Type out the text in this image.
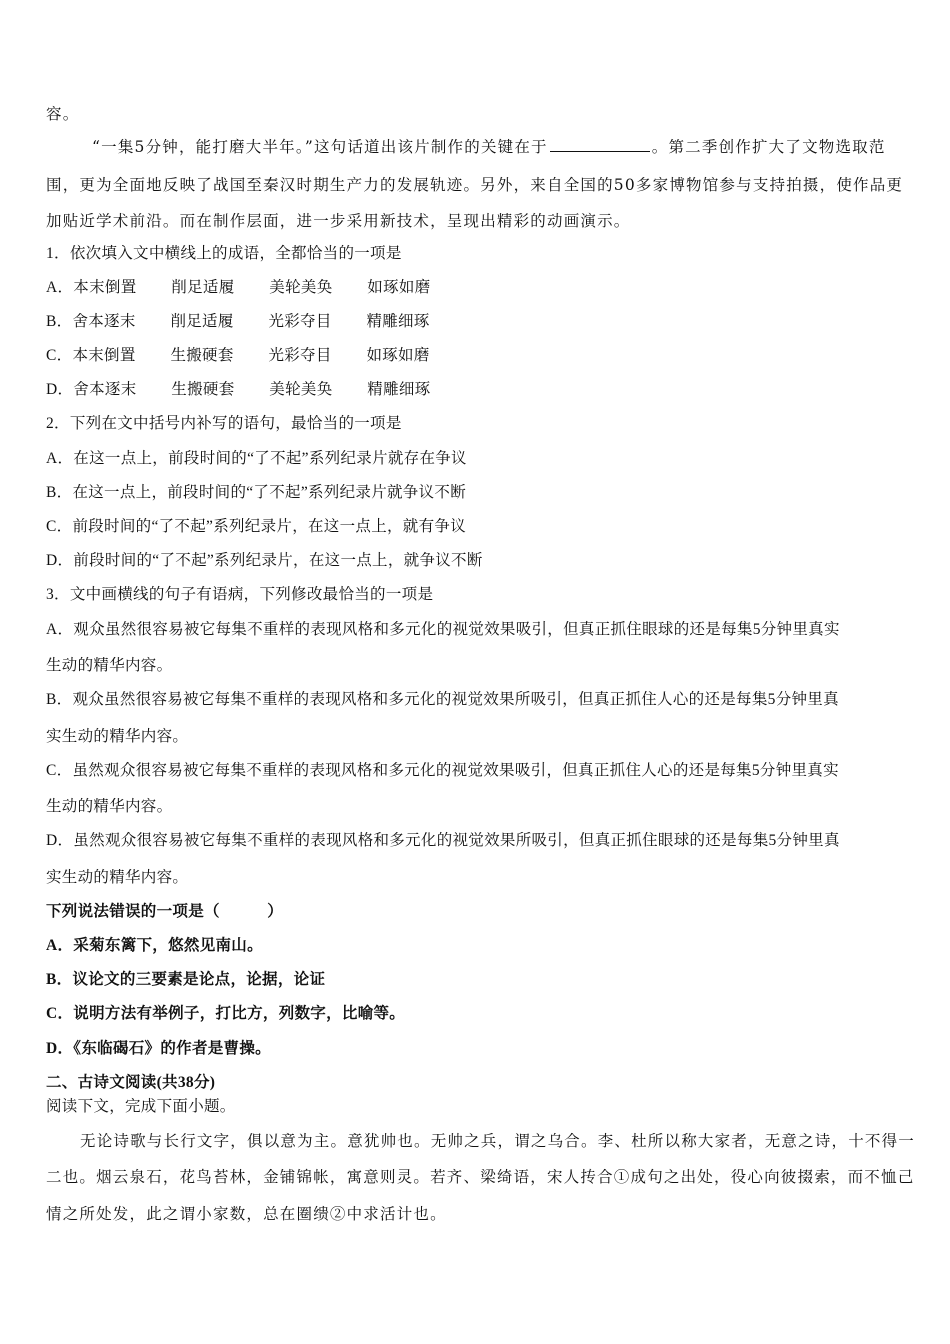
容。
“一集5分钟，能打磨大半年。”这句话道出该片制作的关键在于	。第二季创作扩大了文物选取范
围，更为全面地反映了战国至秦汉时期生产力的发展轨迹。另外，来自全国的50多家博物馆参与支持拍摄，使作品更
加贴近学术前沿。而在制作层面，进一步采用新技术，呈现出精彩的动画演示。
1．依次填入文中横线上的成语，全都恰当的一项是
A．本末倒置 削足适履 美轮美奂 如琢如磨
B．舍本逐末 削足适履 光彩夺目 精雕细琢
C．本末倒置 生搬硬套 光彩夺目 如琢如磨
D．舍本逐末 生搬硬套 美轮美奂 精雕细琢
2．下列在文中括号内补写的语句，最恰当的一项是
A．在这一点上，前段时间的“了不起”系列纪录片就存在争议
B．在这一点上，前段时间的“了不起”系列纪录片就争议不断
C．前段时间的“了不起”系列纪录片，在这一点上，就有争议
D．前段时间的“了不起”系列纪录片，在这一点上，就争议不断
3．文中画横线的句子有语病，下列修改最恰当的一项是
A．观众虽然很容易被它每集不重样的表现风格和多元化的视觉效果吸引，但真正抓住眼球的还是每集5分钟里真实
生动的精华内容。
B．观众虽然很容易被它每集不重样的表现风格和多元化的视觉效果所吸引，但真正抓住人心的还是每集5分钟里真
实生动的精华内容。
C．虽然观众很容易被它每集不重样的表现风格和多元化的视觉效果吸引，但真正抓住人心的还是每集5分钟里真实
生动的精华内容。
D．虽然观众很容易被它每集不重样的表现风格和多元化的视觉效果所吸引，但真正抓住眼球的还是每集5分钟里真
实生动的精华内容。
下列说法错误的一项是（　　　）
A．采菊东篱下，悠然见南山。
B．议论文的三要素是论点，论据，论证
C．说明方法有举例子，打比方，列数字，比喻等。
D．《东临碣石》的作者是曹操。
二、古诗文阅读(共38分)
阅读下文，完成下面小题。
无论诗歌与长行文字，俱以意为主。意犹帅也。无帅之兵，谓之乌合。李、杜所以称大家者，无意之诗，十不得一
二也。烟云泉石，花鸟苔林，金铺锦帐，寓意则灵。若齐、梁绮语，宋人抟合①成句之出处，役心向彼掇索，而不恤己
情之所处发，此之谓小家数，总在圈缋②中求活计也。
